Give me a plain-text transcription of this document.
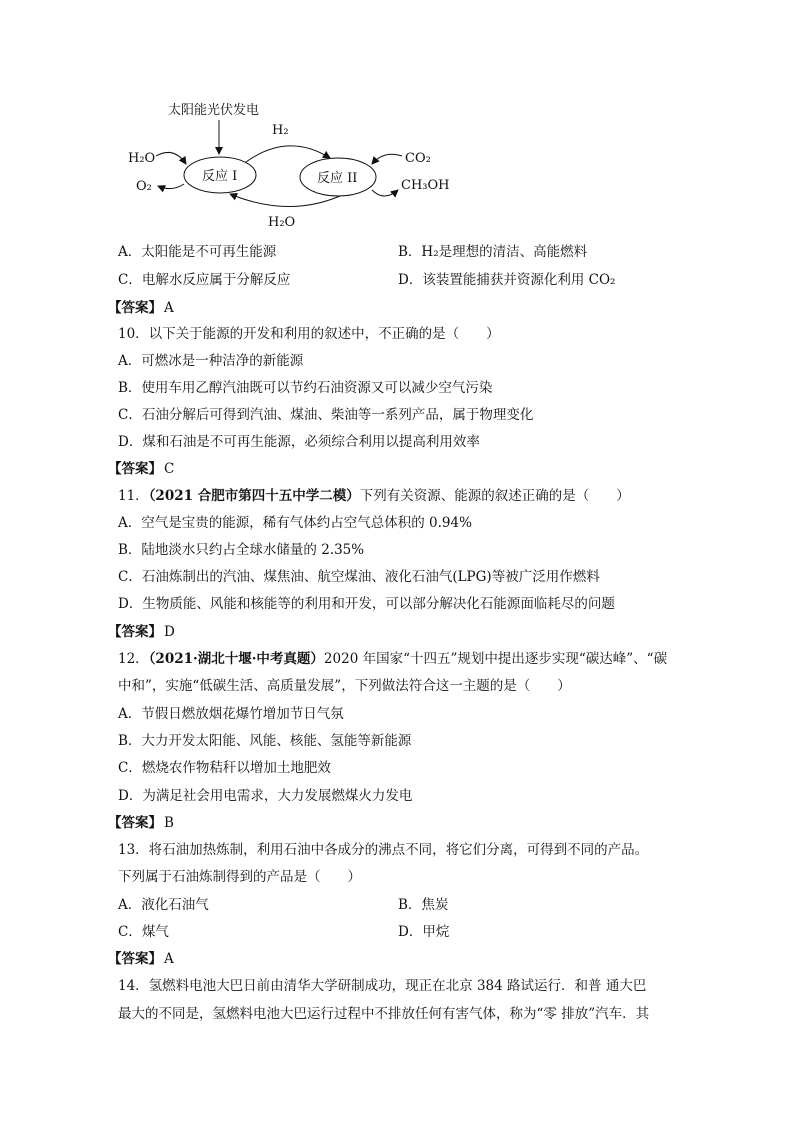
太阳能光伏发电
反应 I	反应 II
H₂
H₂O
H₂O
O₂
CO₂
CH₃OH
A．太阳能是不可再生能源	B．H₂是理想的清洁、高能燃料
C．电解水反应属于分解反应	D．该装置能捕获并资源化利用 CO₂
【答案】 A
10．以下关于能源的开发和利用的叙述中，不正确的是（　　）
A．可燃冰是一种洁净的新能源
B．使用车用乙醇汽油既可以节约石油资源又可以减少空气污染
C．石油分解后可得到汽油、煤油、柴油等一系列产品，属于物理变化
D．煤和石油是不可再生能源，必须综合利用以提高利用效率
【答案】 C
11．（2021 合肥市第四十五中学二模）下列有关资源、能源的叙述正确的是（　　）
A．空气是宝贵的能源，稀有气体约占空气总体积的 0.94%
B．陆地淡水只约占全球水储量的 2.35%
C．石油炼制出的汽油、煤焦油、航空煤油、液化石油气(LPG)等被广泛用作燃料
D．生物质能、风能和核能等的利用和开发，可以部分解决化石能源面临耗尽的问题
【答案】 D
12．（2021·湖北十堰·中考真题）2020 年国家“十四五”规划中提出逐步实现“碳达峰”、“碳
中和”，实施“低碳生活、高质量发展”，下列做法符合这一主题的是（　　）
A．节假日燃放烟花爆竹增加节日气氛
B．大力开发太阳能、风能、核能、氢能等新能源
C．燃烧农作物秸秆以增加土地肥效
D．为满足社会用电需求，大力发展燃煤火力发电
【答案】 B
13．将石油加热炼制，利用石油中各成分的沸点不同，将它们分离，可得到不同的产品。
下列属于石油炼制得到的产品是（　　）
A．液化石油气	B．焦炭
C．煤气	D．甲烷
【答案】 A
14．氢燃料电池大巴日前由清华大学研制成功，现正在北京 384 路试运行．和普 通大巴
最大的不同是，氢燃料电池大巴运行过程中不排放任何有害气体，称为“零 排放”汽车．其
